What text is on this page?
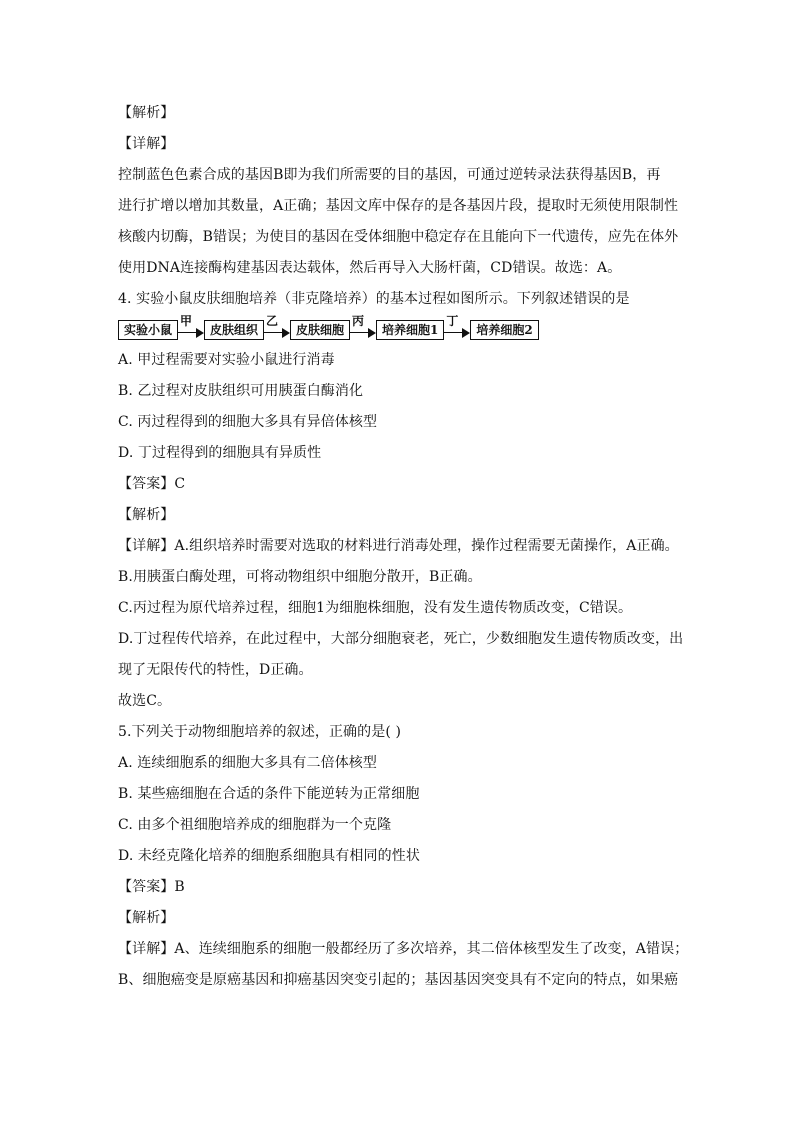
【解析】
【详解】
控制蓝色色素合成的基因B即为我们所需要的目的基因，可通过逆转录法获得基因B，再
进行扩增以增加其数量，A正确；基因文库中保存的是各基因片段，提取时无须使用限制性
核酸内切酶，B错误；为使目的基因在受体细胞中稳定存在且能向下一代遗传，应先在体外
使用DNA连接酶构建基因表达载体，然后再导入大肠杆菌，CD错误。故选：A。
4. 实验小鼠皮肤细胞培养（非克隆培养）的基本过程如图所示。下列叙述错误的是
实验小鼠
甲
皮肤组织
乙
皮肤细胞
丙
培养细胞1
丁
培养细胞2
A. 甲过程需要对实验小鼠进行消毒
B. 乙过程对皮肤组织可用胰蛋白酶消化
C. 丙过程得到的细胞大多具有异倍体核型
D. 丁过程得到的细胞具有异质性
【答案】C
【解析】
【详解】A.组织培养时需要对选取的材料进行消毒处理，操作过程需要无菌操作，A正确。
B.用胰蛋白酶处理，可将动物组织中细胞分散开，B正确。
C.丙过程为原代培养过程，细胞1为细胞株细胞，没有发生遗传物质改变，C错误。
D.丁过程传代培养，在此过程中，大部分细胞衰老，死亡，少数细胞发生遗传物质改变，出
现了无限传代的特性，D正确。
故选C。
5.下列关于动物细胞培养的叙述，正确的是( )
A. 连续细胞系的细胞大多具有二倍体核型
B. 某些癌细胞在合适的条件下能逆转为正常细胞
C. 由多个祖细胞培养成的细胞群为一个克隆
D. 未经克隆化培养的细胞系细胞具有相同的性状
【答案】B
【解析】
【详解】A、连续细胞系的细胞一般都经历了多次培养，其二倍体核型发生了改变，A错误；
B、细胞癌变是原癌基因和抑癌基因突变引起的；基因基因突变具有不定向的特点，如果癌
